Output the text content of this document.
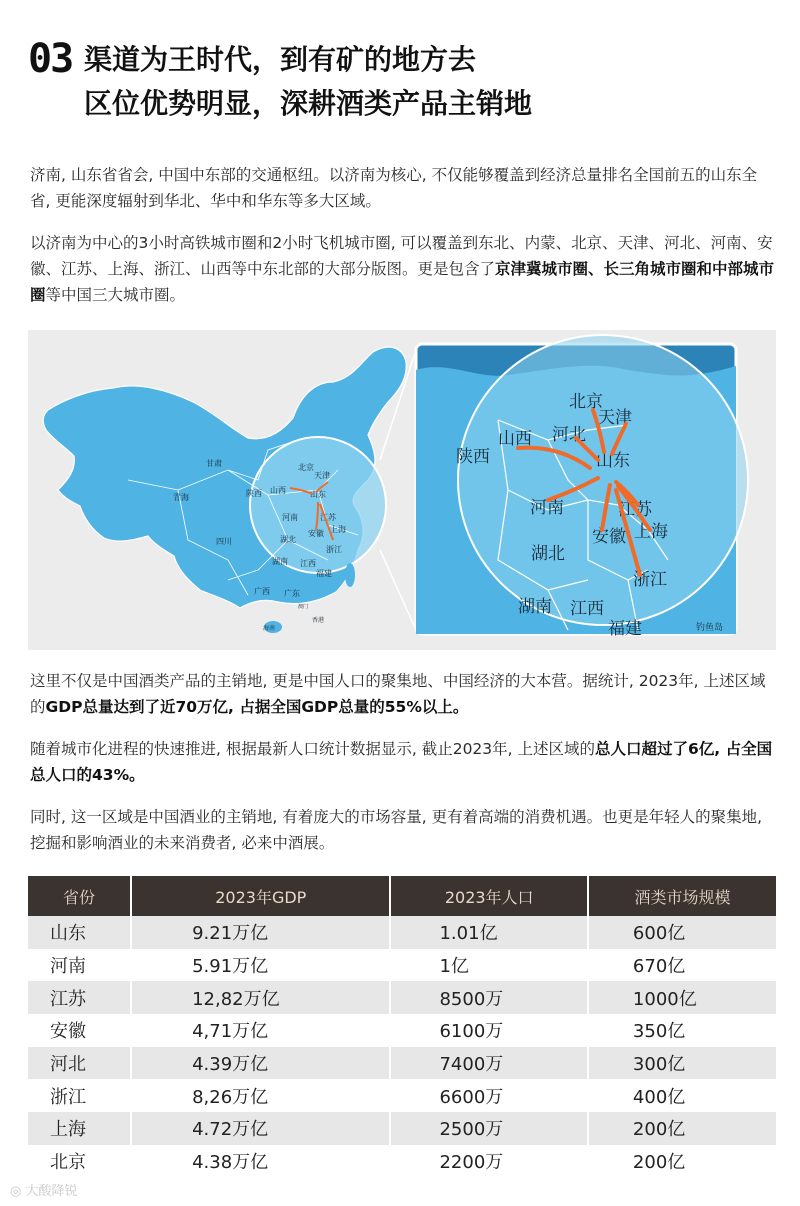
03 渠道为王时代，到有矿的地方去
区位优势明显，深耕酒类产品主销地

济南, 山东省省会, 中国中东部的交通枢纽。以济南为核心, 不仅能够覆盖到经济总量排名全国前五的山东全省, 更能深度辐射到华北、华中和华东等多大区域。

以济南为中心的3小时高铁城市圈和2小时飞机城市圈, 可以覆盖到东北、内蒙、北京、天津、河北、河南、安徽、江苏、上海、浙江、山西等中东北部的大部分版图。更是包含了京津冀城市圈、长三角城市圈和中部城市圈等中国三大城市圈。

甘肃
青海
四川
陕西 山西
北京
天津
山东
河南	江苏
安徽 上海
湖北
浙江
湖南 江西
福建
广西 广东
海南
澳门
香港
北京
天津
河北
山西
陕西	山东
河南	江苏
安徽 上海
湖北
浙江
湖南 江西
福建	钓鱼岛

这里不仅是中国酒类产品的主销地, 更是中国人口的聚集地、中国经济的大本营。据统计, 2023年, 上述区域的GDP总量达到了近70万亿, 占据全国GDP总量的55%以上。

随着城市化进程的快速推进, 根据最新人口统计数据显示, 截止2023年, 上述区域的总人口超过了6亿, 占全国总人口的43%。

同时, 这一区域是中国酒业的主销地, 有着庞大的市场容量, 更有着高端的消费机遇。也更是年轻人的聚集地, 挖掘和影响酒业的未来消费者, 必来中酒展。

省份	2023年GDP	2023年人口	酒类市场规模
山东	9.21万亿	1.01亿	600亿
河南	5.91万亿	1亿	670亿
江苏	12,82万亿	8500万	1000亿
安徽	4,71万亿	6100万	350亿
河北	4.39万亿	7400万	300亿
浙江	8,26万亿	6600万	400亿
上海	4.72万亿	2500万	200亿
北京	4.38万亿	2200万	200亿
◎ 大酸降锐
